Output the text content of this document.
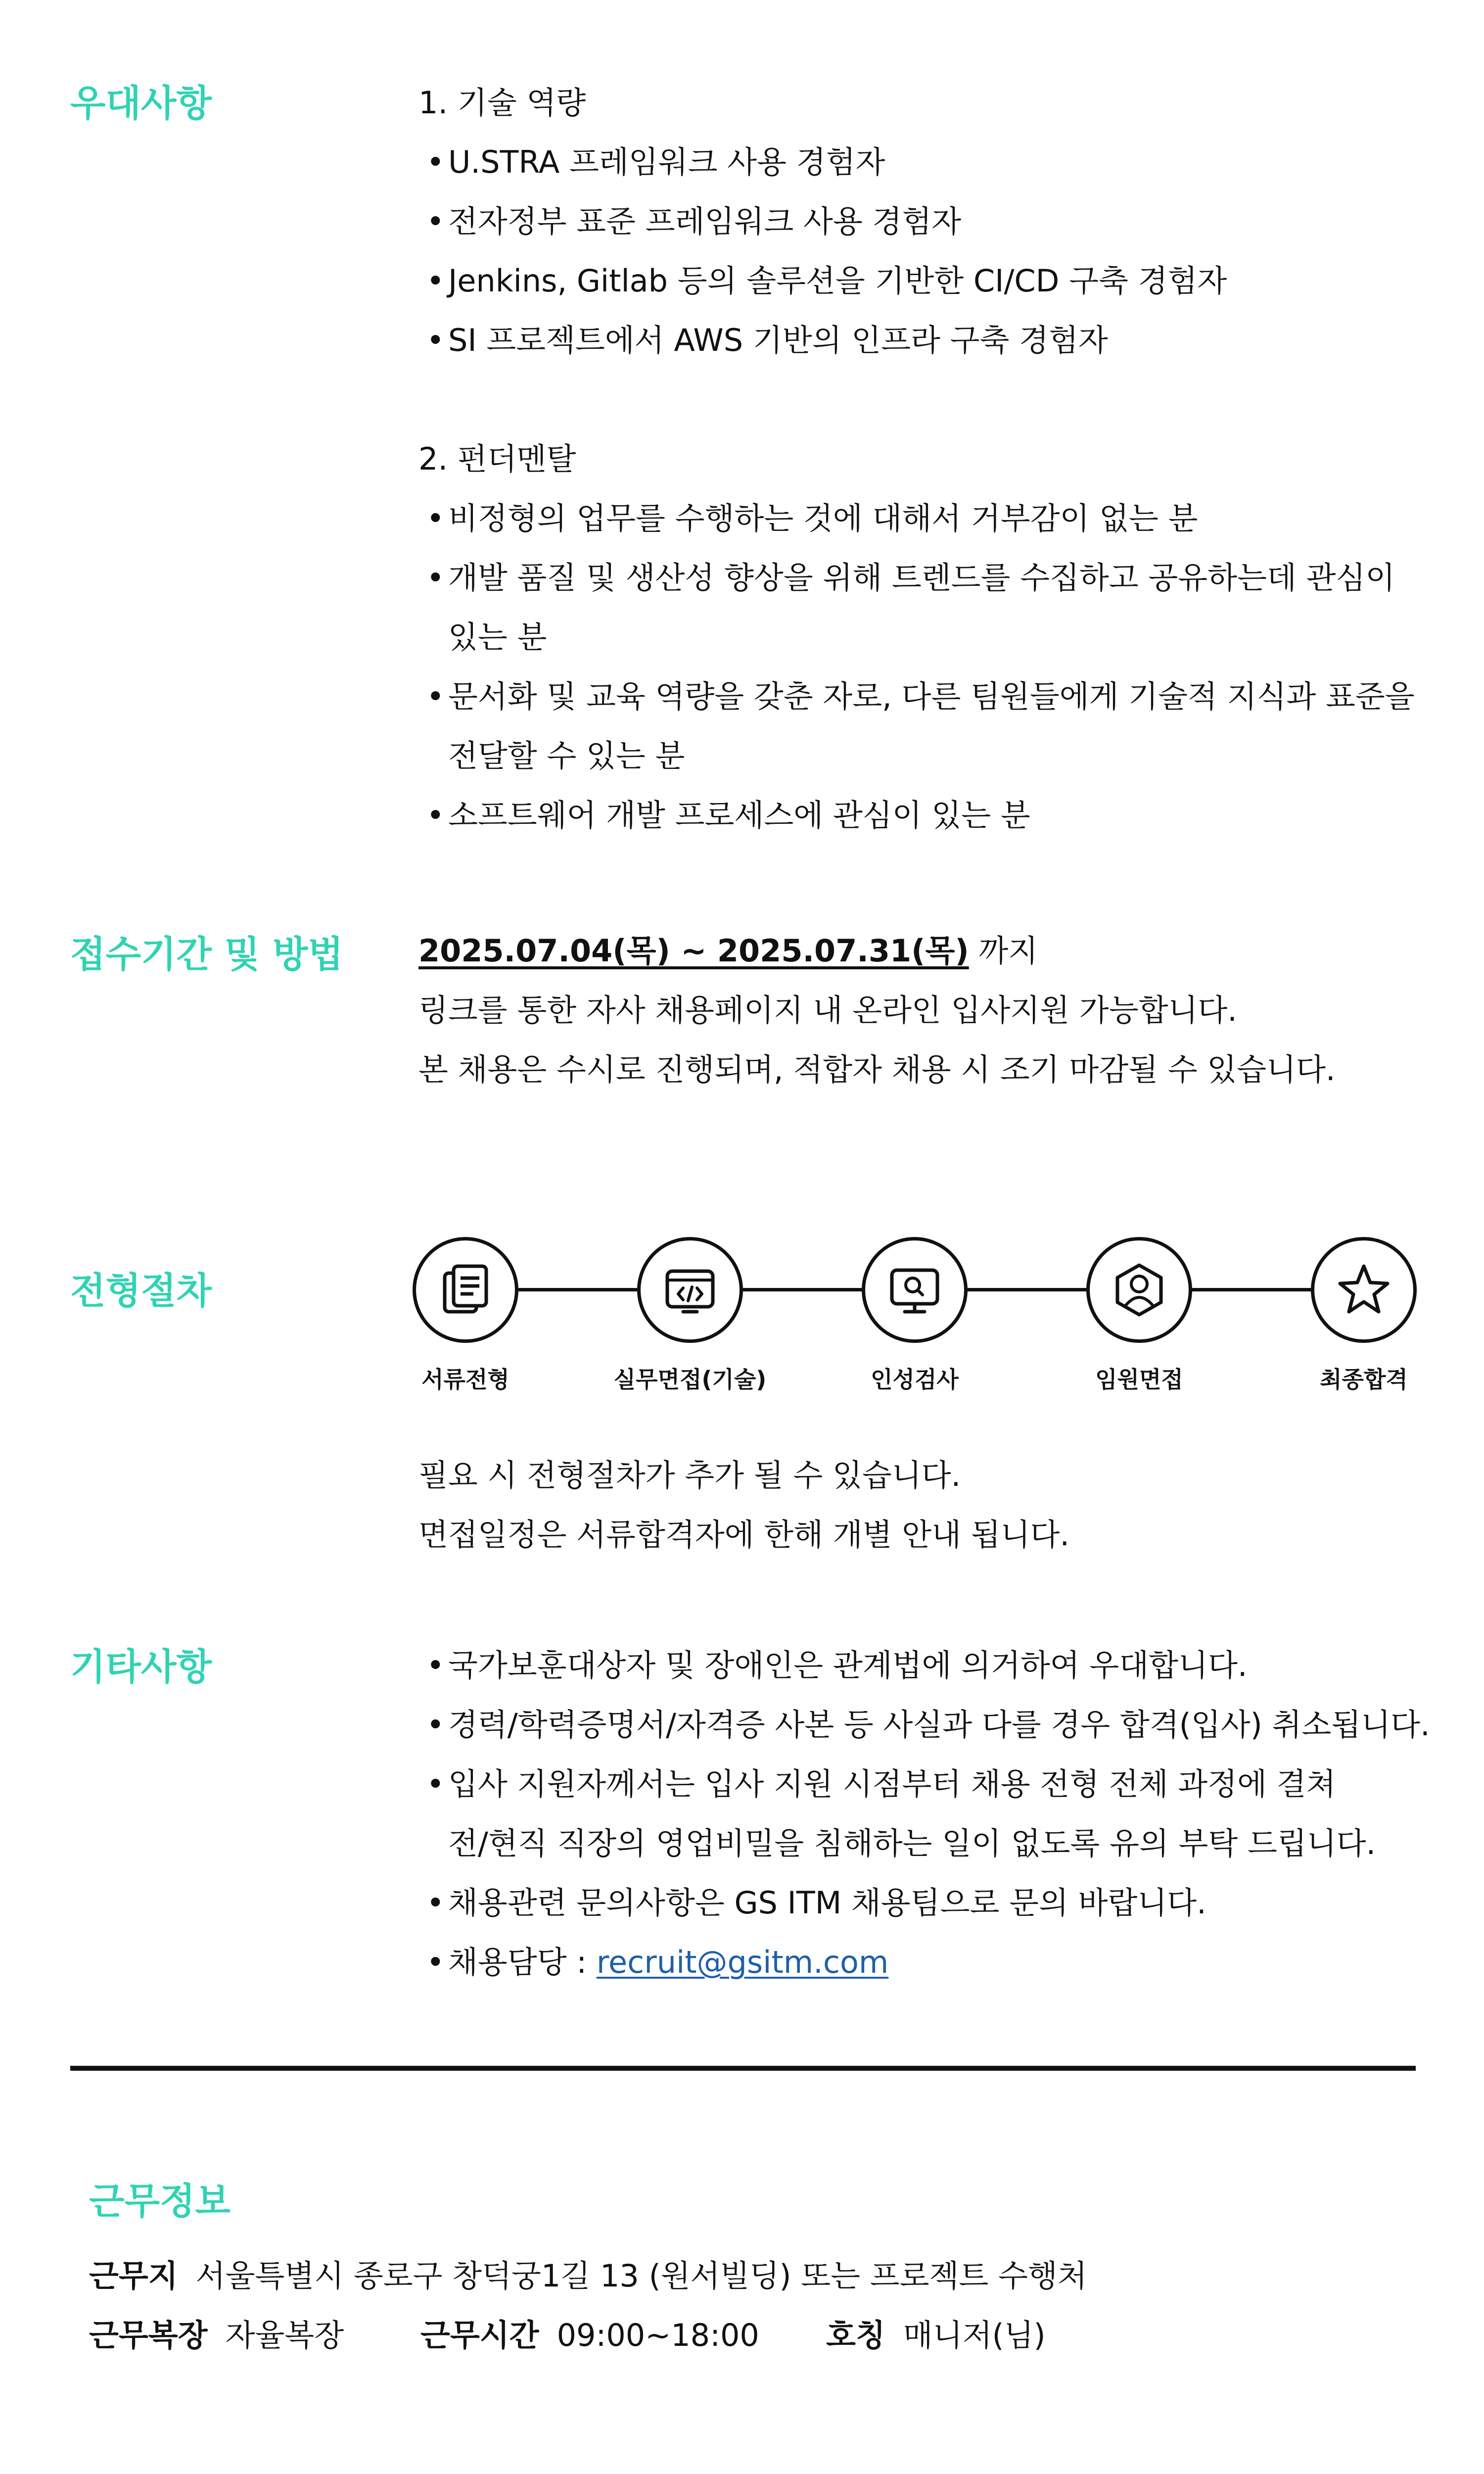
우대사항	1. 기술 역량
• U.STRA 프레임워크 사용 경험자
• 전자정부 표준 프레임워크 사용 경험자
• Jenkins, Gitlab 등의 솔루션을 기반한 CI/CD 구축 경험자
• SI 프로젝트에서 AWS 기반의 인프라 구축 경험자
2. 펀더멘탈
• 비정형의 업무를 수행하는 것에 대해서 거부감이 없는 분
• 개발 품질 및 생산성 향상을 위해 트렌드를 수집하고 공유하는데 관심이
있는 분
• 문서화 및 교육 역량을 갖춘 자로, 다른 팀원들에게 기술적 지식과 표준을
전달할 수 있는 분
• 소프트웨어 개발 프로세스에 관심이 있는 분
접수기간 및 방법 2025.07.04(목) ~ 2025.07.31(목) 까지
링크를 통한 자사 채용페이지 내 온라인 입사지원 가능합니다.
본 채용은 수시로 진행되며, 적합자 채용 시 조기 마감될 수 있습니다.
전형절차
서류전형	실무면접(기술)	인성검사	임원면접	최종합격
필요 시 전형절차가 추가 될 수 있습니다.
면접일정은 서류합격자에 한해 개별 안내 됩니다.
기타사항
•	국가보훈대상자 및 장애인은 관계법에 의거하여 우대합니다.
• 경력/학력증명서/자격증 사본 등 사실과 다를 경우 합격(입사) 취소됩니다.
• 입사 지원자께서는 입사 지원 시점부터 채용 전형 전체 과정에 결쳐
전/현직 직장의 영업비밀을 침해하는 일이 없도록 유의 부탁 드립니다.
• 채용관련 문의사항은 GS ITM 채용팀으로 문의 바랍니다.
• 채용담당 : recruit@gsitm.com
근무정보
근무지 서울특별시 종로구 창덕궁1길 13 (원서빌딩) 또는 프로젝트 수행처
근무복장 자율복장 근무시간 09:00~18:00 호칭 매니저(님)
